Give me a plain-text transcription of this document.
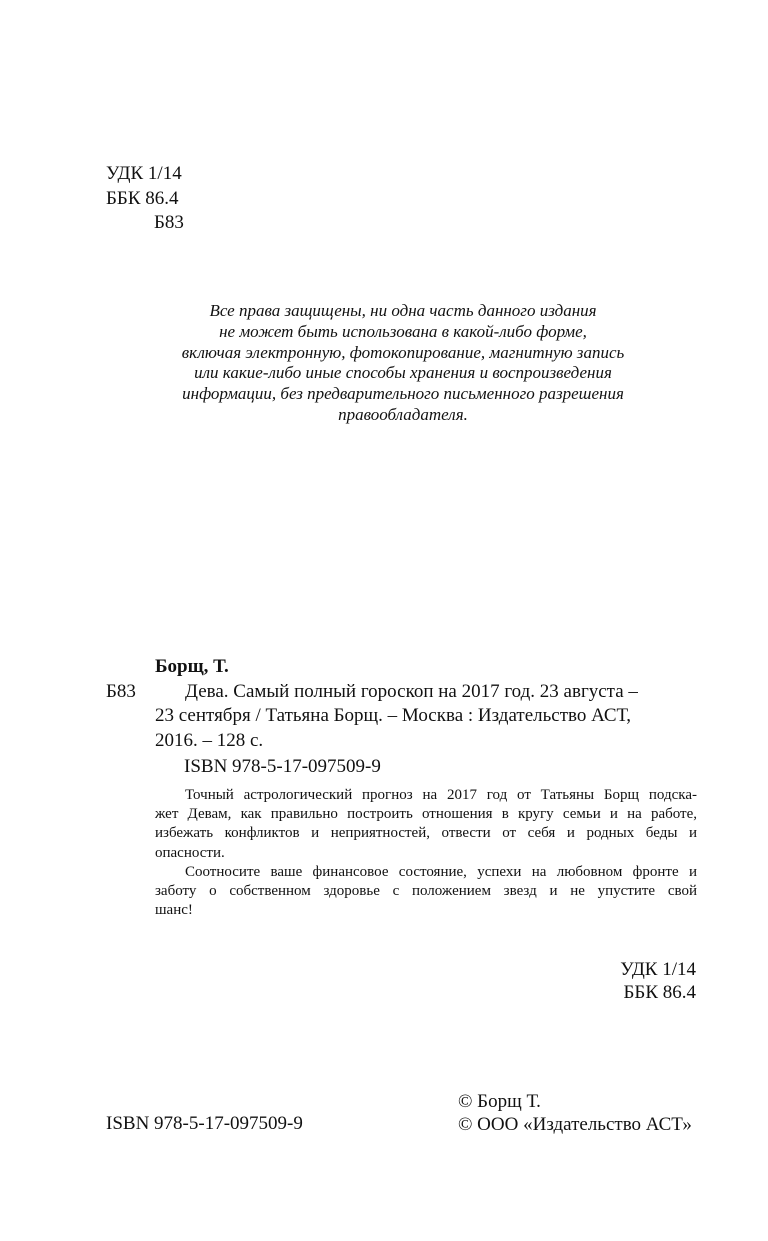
УДК 1/14
ББК 86.4
Б83
Все права защищены, ни одна часть данного издания
не может быть использована в какой-либо форме,
включая электронную, фотокопирование, магнитную запись
или какие-либо иные способы хранения и воспроизведения
информации, без предварительного письменного разрешения
правообладателя.
Борщ, Т.
Б83	Дева. Самый полный гороскоп на 2017 год. 23 августа –
23 сентября / Татьяна Борщ. – Москва : Издательство АСТ,
2016. – 128 с.
ISBN 978-5-17-097509-9
Точный астрологический прогноз на 2017 год от Татьяны Борщ подска-
жет Девам, как правильно построить отношения в кругу семьи и на работе,
избежать конфликтов и неприятностей, отвести от себя и родных беды и
опасности.
Соотносите ваше финансовое состояние, успехи на любовном фронте и
заботу о собственном здоровье с положением звезд и не упустите свой
шанс!
УДК 1/14
ББК 86.4
ISBN 978-5-17-097509-9
© Борщ Т.
© ООО «Издательство АСТ»
